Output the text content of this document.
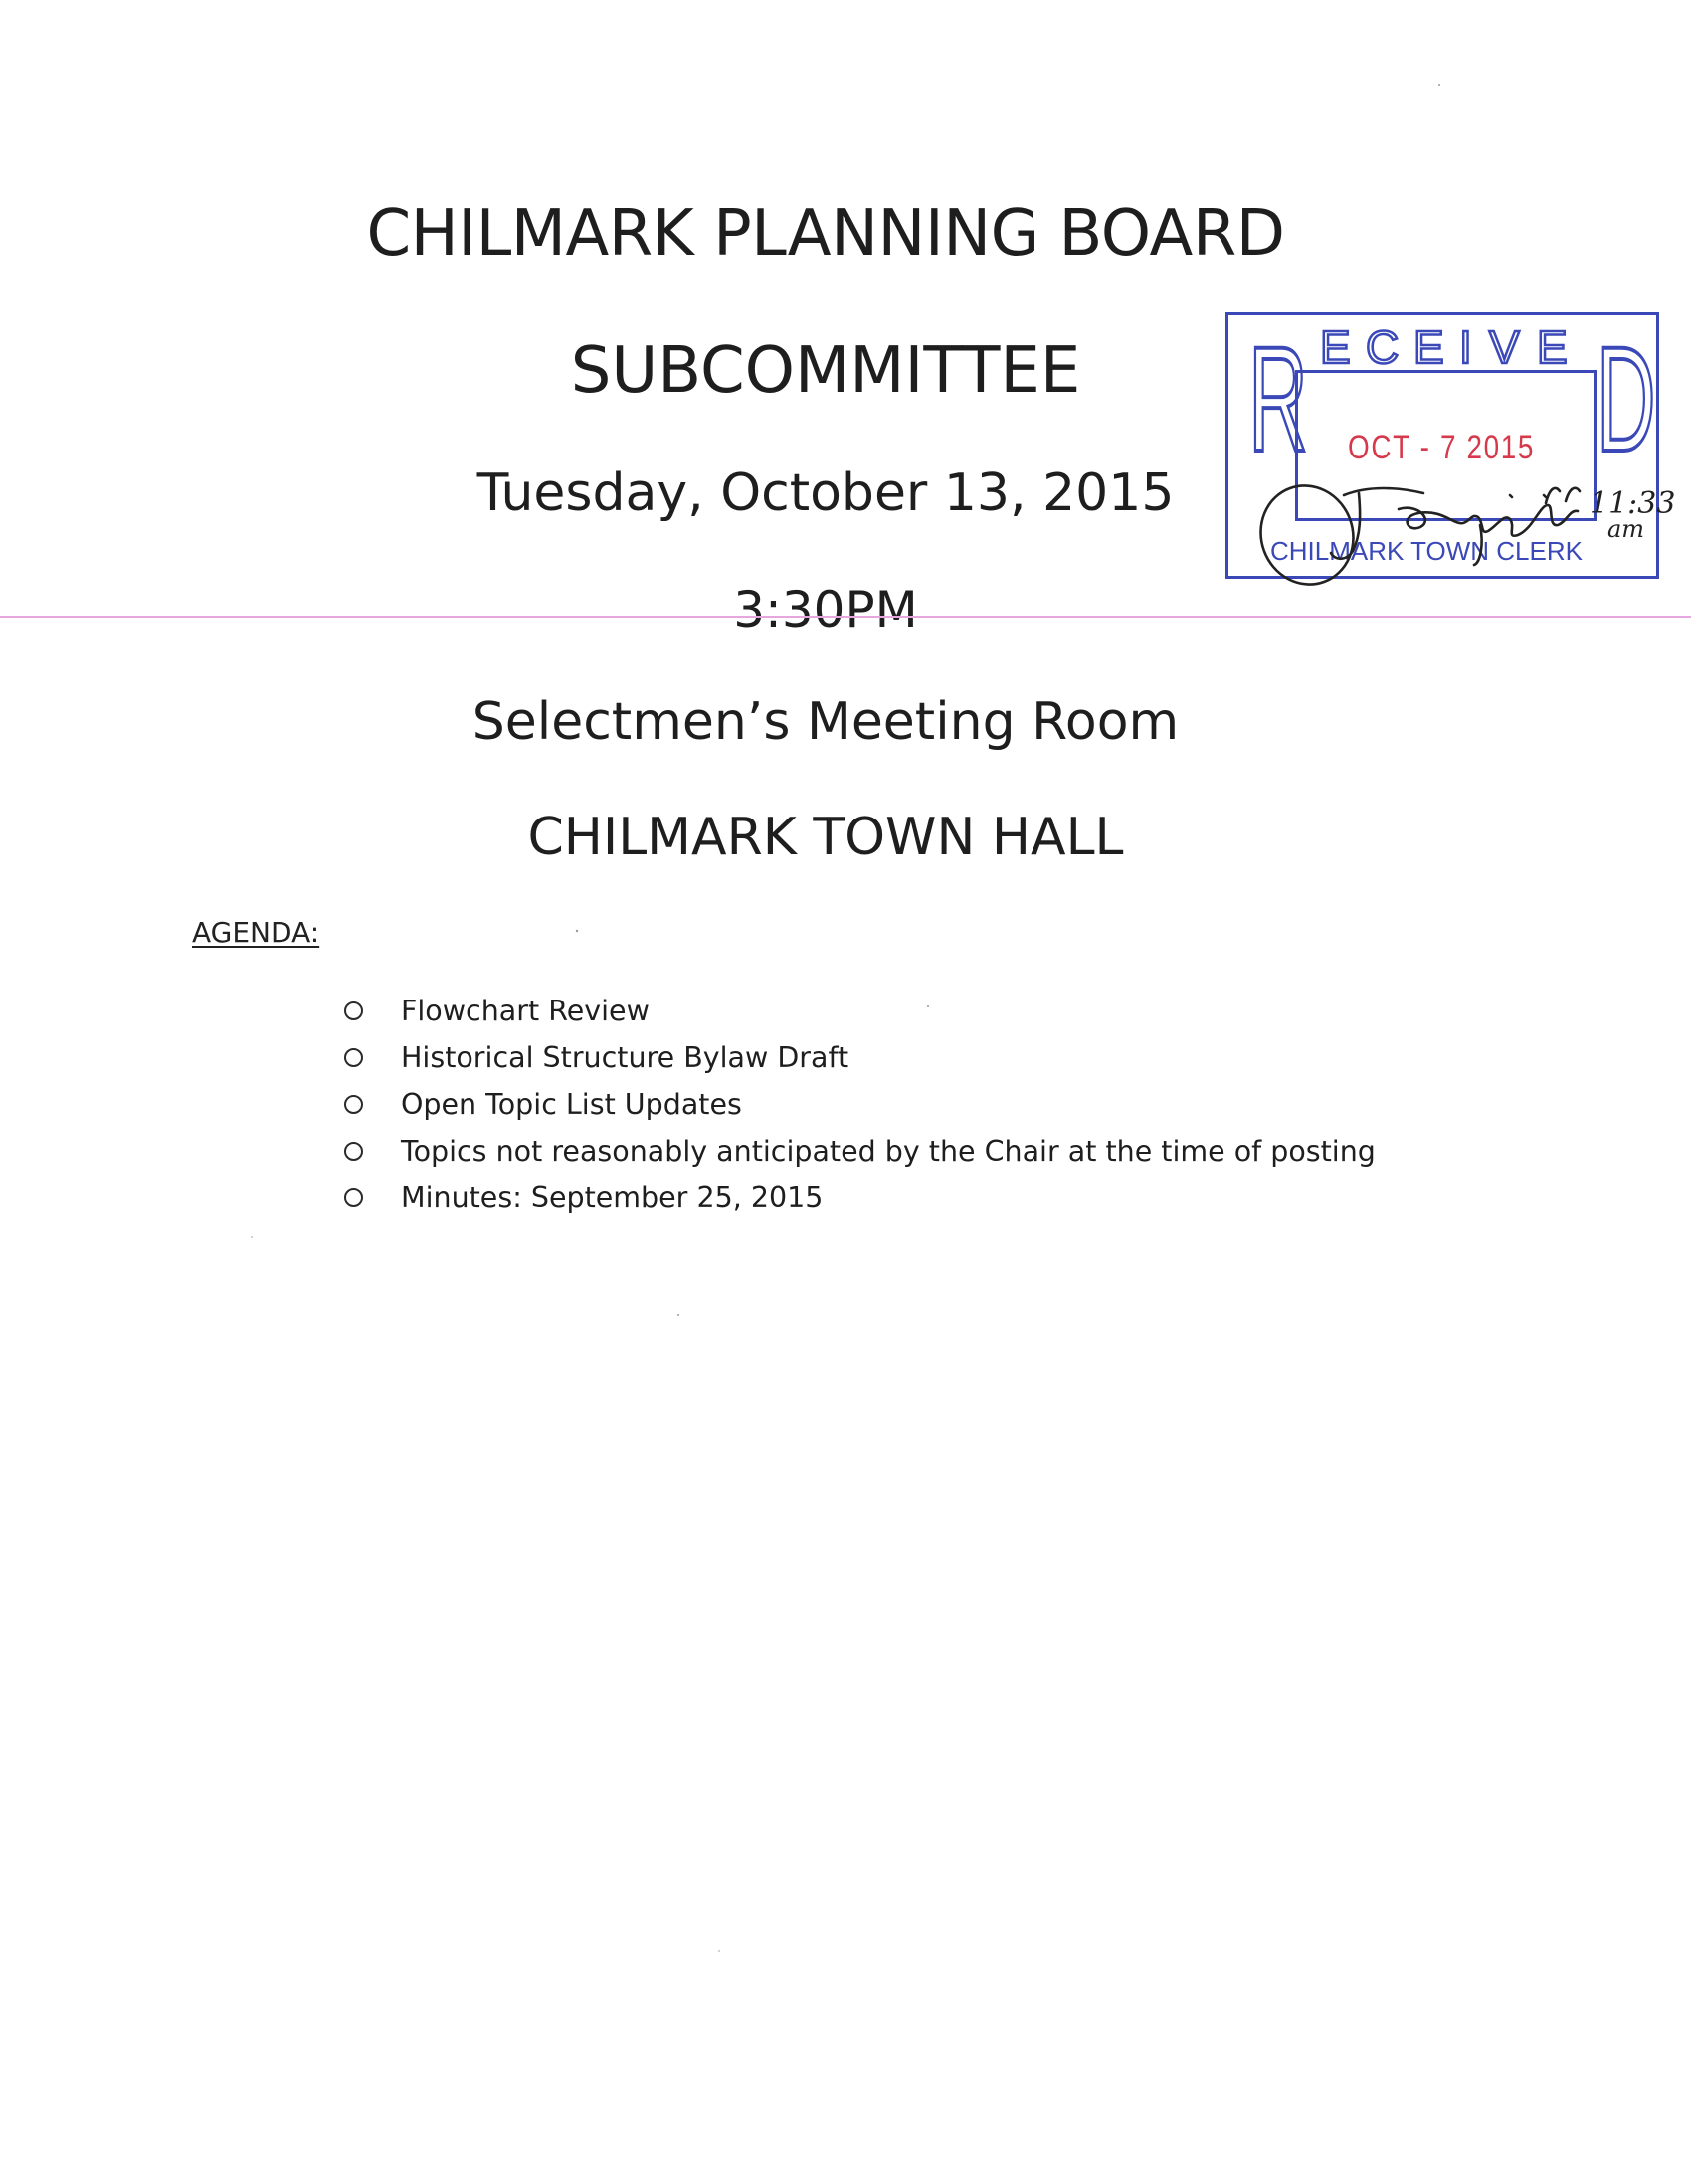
CHILMARK PLANNING BOARD
SUBCOMMITTEE
Tuesday, October 13, 2015
3:30PM
Selectmen’s Meeting Room
CHILMARK TOWN HALL
AGENDA:
Flowchart Review
Historical Structure Bylaw Draft
Open Topic List Updates
Topics not reasonably anticipated by the Chair at the time of posting
Minutes: September 25, 2015
R D
E C E I V E
OCT - 7 2015
CHILMARK TOWN CLERK
11:33
am
